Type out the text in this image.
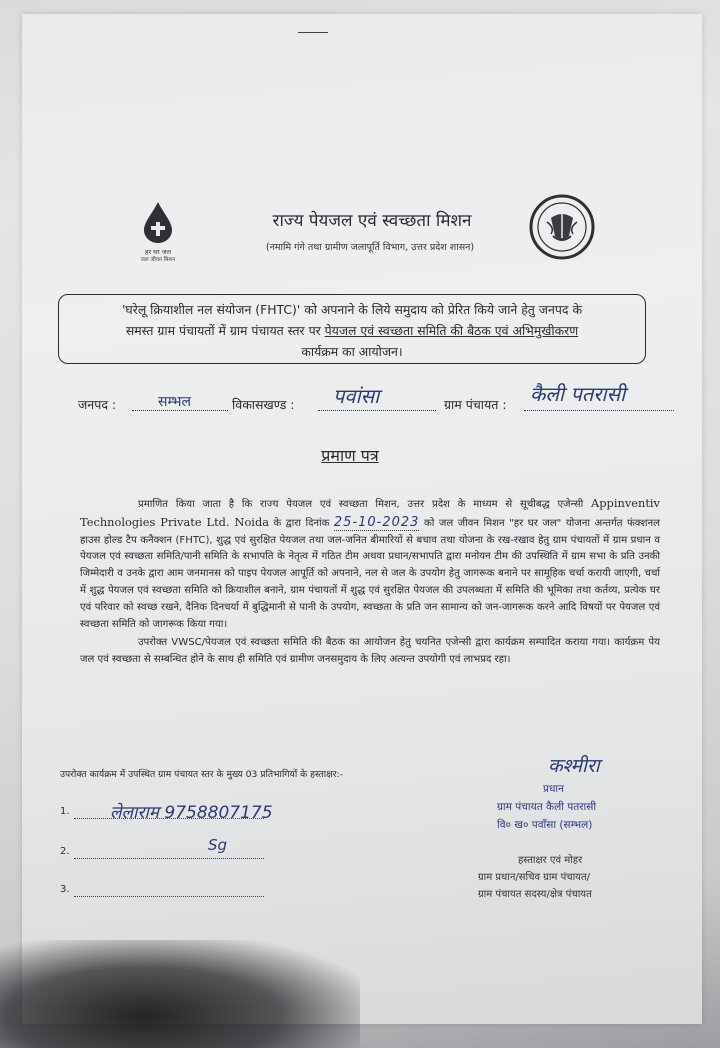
हर घर जल
जल जीवन मिशन
राज्य पेयजल एवं स्वच्छता मिशन
(नमामि गंगे तथा ग्रामीण जलापूर्ति विभाग, उत्तर प्रदेश शासन)
'घरेलू क्रियाशील नल संयोजन (FHTC)' को अपनाने के लिये समुदाय को प्रेरित किये जाने हेतु जनपद के
समस्त ग्राम पंचायतों में ग्राम पंचायत स्तर पर पेयजल एवं स्वच्छता समिति की बैठक एवं अभिमुखीकरण
कार्यक्रम का आयोजन।
जनपद :	सम्भल	विकासखण्ड : पवांसा	ग्राम पंचायत : कैली पतरासी
प्रमाण पत्र

प्रमाणित किया जाता है कि राज्य पेयजल एवं स्वच्छता मिशन, उत्तर प्रदेश के माध्यम से सूचीबद्ध एजेन्सी Appinventiv Technologies Private Ltd. Noida के द्वारा दिनांक 25-10-2023 को जल जीवन मिशन "हर घर जल" योजना अन्तर्गत फंक्शनल हाउस होल्ड टैप कनैक्शन (FHTC), शुद्ध एवं सुरक्षित पेयजल तथा जल-जनित बीमारियों से बचाव तथा योजना के रख-रखाव हेतु ग्राम पंचायतों में ग्राम प्रधान व पेयजल एवं स्वच्छता समिति/पानी समिति के सभापति के नेतृत्व में गठित टीम अथवा प्रधान/सभापति द्वारा मनोयन टीम की उपस्थिति में ग्राम सभा के प्रति उनकी जिम्मेदारी व उनके द्वारा आम जनमानस को पाइप पेयजल आपूर्ति को अपनाने, नल से जल के उपयोग हेतु जागरूक बनाने पर सामूहिक चर्चा करायी जाएगी, चर्चा में शुद्ध पेयजल एवं स्वच्छता समिति को क्रियाशील बनाने, ग्राम पंचायतों में शुद्ध एवं सुरक्षित पेयजल की उपलब्धता में समिति की भूमिका तथा कर्तव्य, प्रत्येक घर एवं परिवार को स्वच्छ रखने, दैनिक दिनचर्या में बुद्धिमानी से पानी के उपयोग, स्वच्छता के प्रति जन सामान्य को जन-जागरूक करने आदि विषयों पर पेयजल एवं स्वच्छता समिति को जागरूक किया गया।

उपरोक्त VWSC/पेयजल एवं स्वच्छता समिति की बैठक का आयोजन हेतु चयनित एजेन्सी द्वारा कार्यक्रम सम्पादित कराया गया। कार्यक्रम पेय जल एवं स्वच्छता से सम्बन्धित होने के साथ ही समिति एवं ग्रामीण जनसमुदाय के लिए अत्यन्त उपयोगी एवं लाभप्रद रहा।

उपरोक्त कार्यक्रम में उपस्थित ग्राम पंचायत स्तर के मुख्य 03 प्रतिभागियों के हस्ताक्षर:-
1. लेलाराम 9758807175
2.	Sg
3.
कश्मीरा
प्रधान
ग्राम पंचायत कैली पतरासी
वि० ख० पवाँसा (सम्भल)
हस्ताक्षर एवं मोहर
ग्राम प्रधान/सचिव ग्राम पंचायत/
ग्राम पंचायत सदस्य/क्षेत्र पंचायत
